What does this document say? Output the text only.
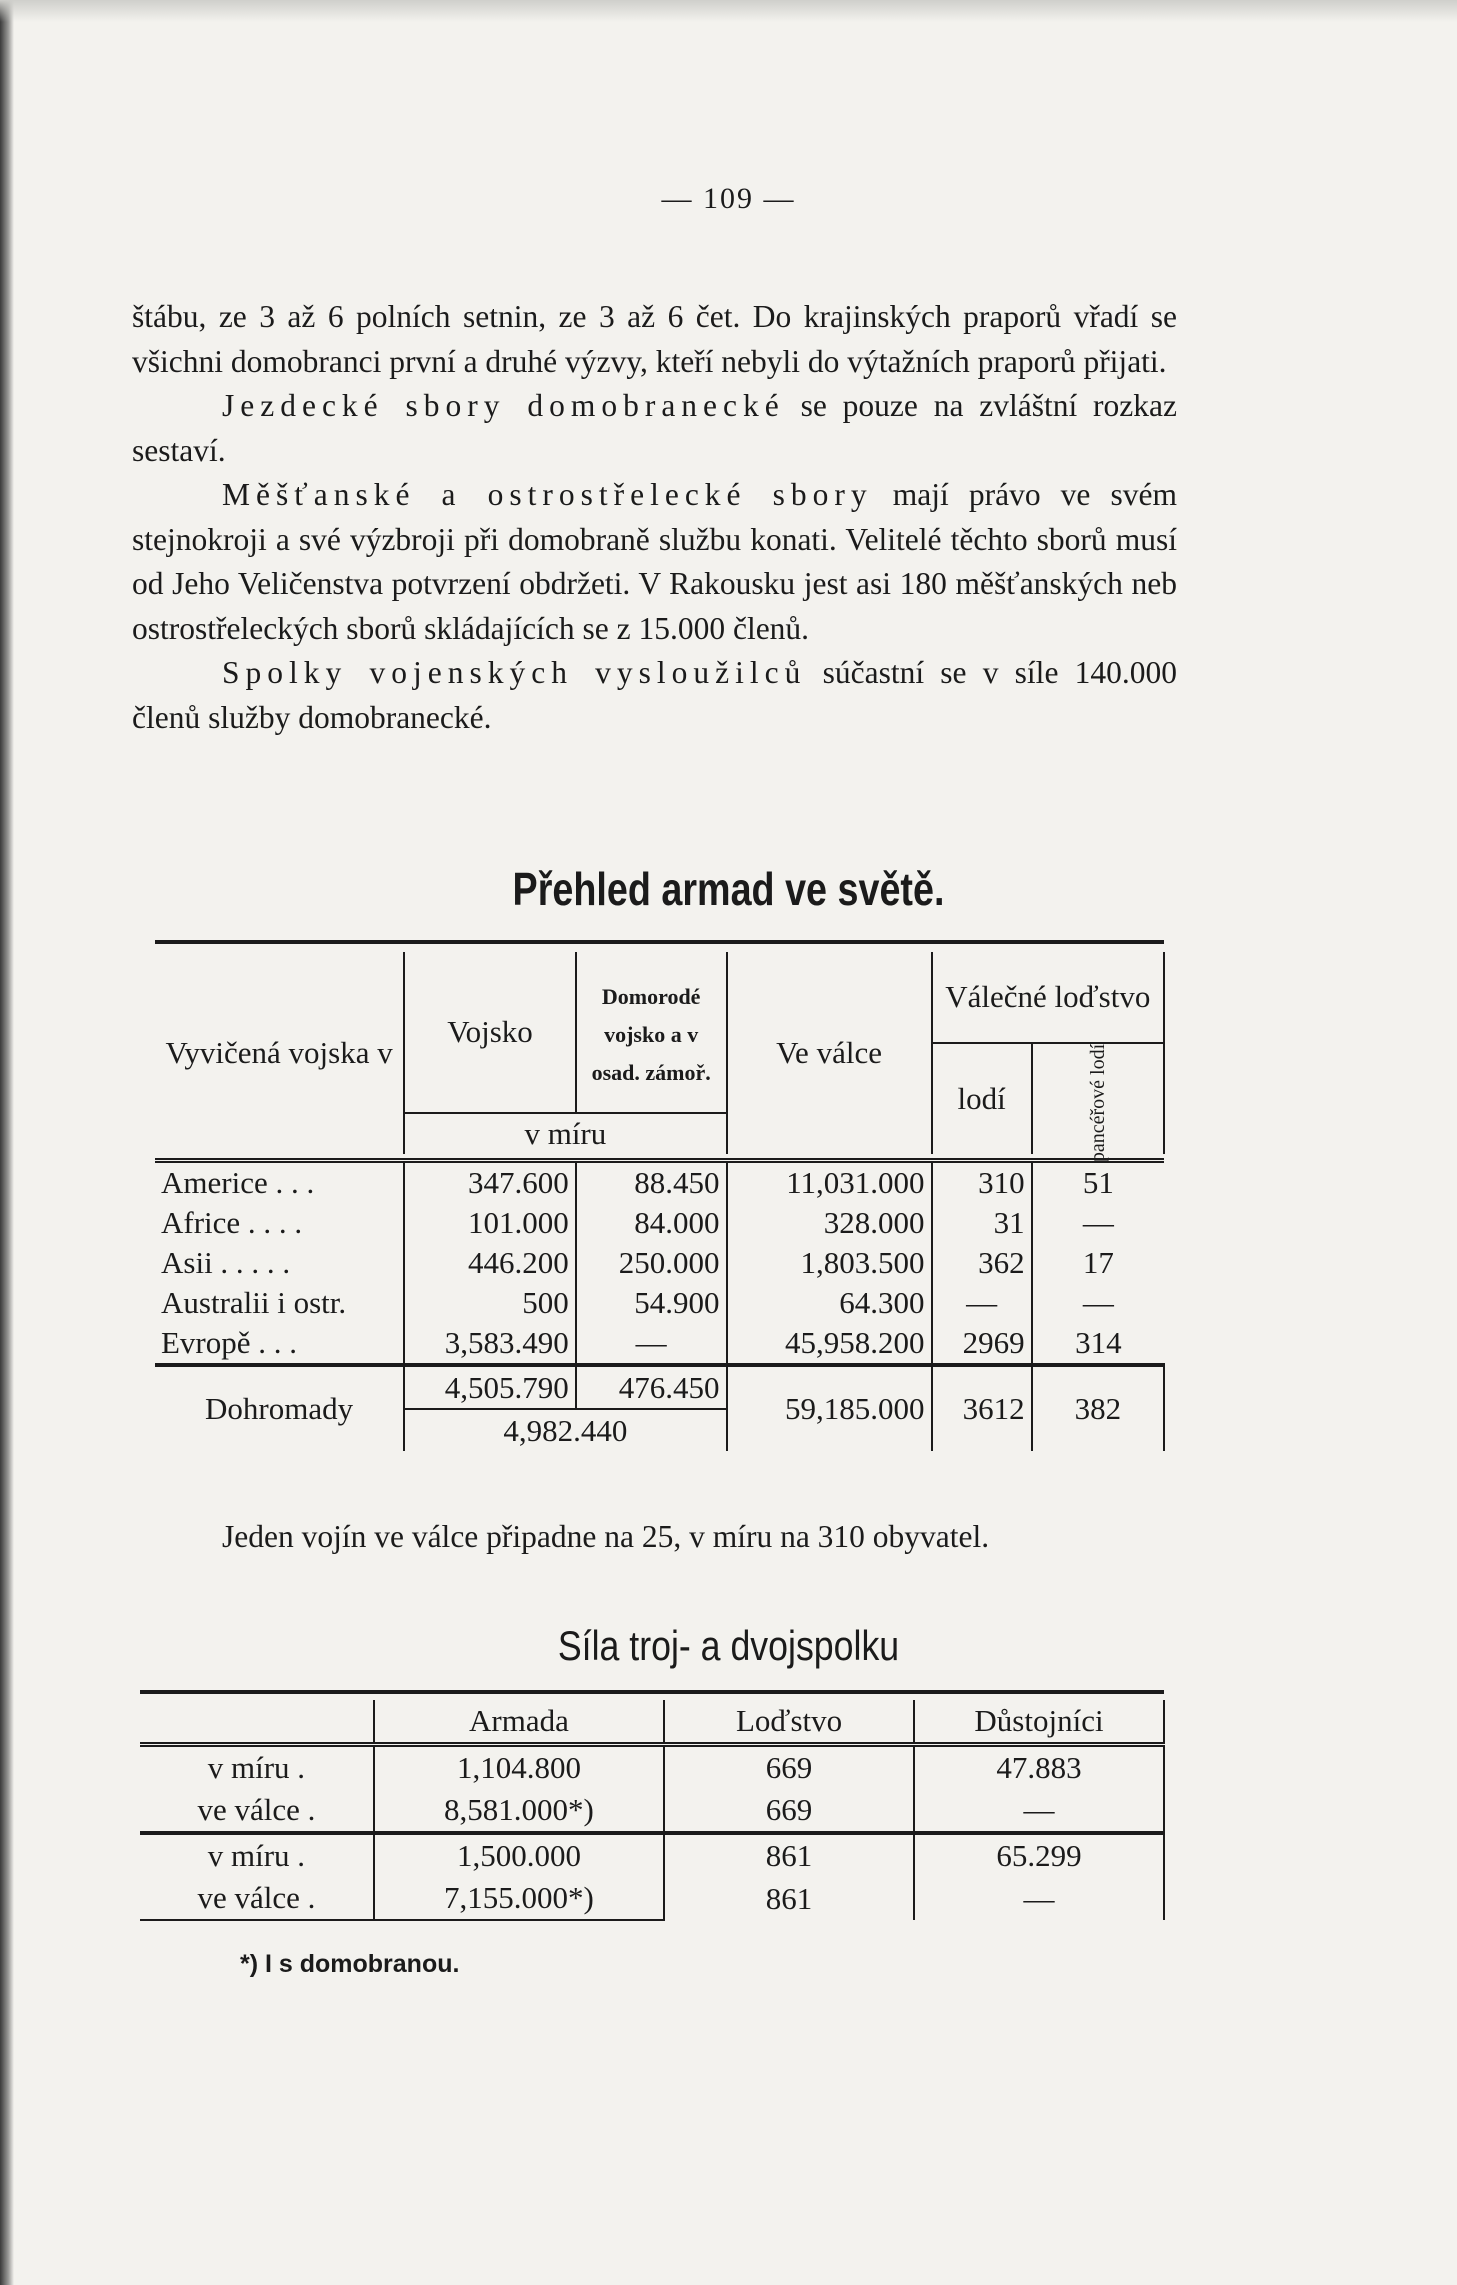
— 109 —

štábu, ze 3 až 6 polních setnin, ze 3 až 6 čet. Do krajinských praporů vřadí se všichni domobranci první a druhé výzvy, kteří nebyli do výtažních praporů přijati.

Jezdecké sbory domobranecké se pouze na zvláštní rozkaz sestaví.

Měšťanské a ostrostřelecké sbory mají právo ve svém stejnokroji a své výzbroji při domobraně službu konati. Velitelé těchto sborů musí od Jeho Veličenstva potvrzení obdržeti. V Rakousku jest asi 180 měšťanských neb ostrostřeleckých sborů skládajících se z 15.000 členů.

Spolky vojenských vysloužilců súčastní se v síle 140.000 členů služby domobranecké.

Přehled armad ve světě.

Vyvičená vojska v	Vojsko	Domorodé vojsko a v osad. zámoř.	Ve válce	Válečné loďstvo	
				lodí	pancéřové lodí
	v míru				

Americe . . .	347.600	88.450	11,031.000	310	51
Africe . . . .	101.000	84.000	328.000	31	—
Asii . . . . .	446.200	250.000	1,803.500	362	17
Australii i ostr.	500	54.900	64.300	—	—
Evropě . . .	3,583.490	—	45,958.200	2969	314
Dohromady	4,505.790	476.450	59,185.000	3612	382
	4,982.440				

Jeden vojín ve válce připadne na 25, v míru na 310 obyvatel.

Síla troj- a dvojspolku

	Armada	Loďstvo	Důstojníci
v míru .	1,104.800	669	47.883
ve válce .	8,581.000*)	669	—
v míru .	1,500.000	861	65.299
ve válce .	7,155.000*)	861	—

*) I s domobranou.
